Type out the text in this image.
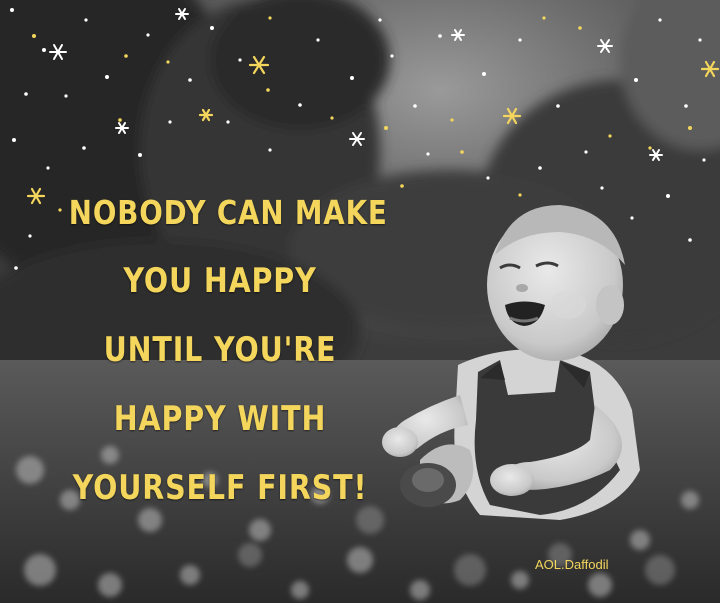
NOBODY CAN MAKE
YOU HAPPY
UNTIL YOU'RE
HAPPY WITH
YOURSELF FIRST!
AOL.Daffodil
